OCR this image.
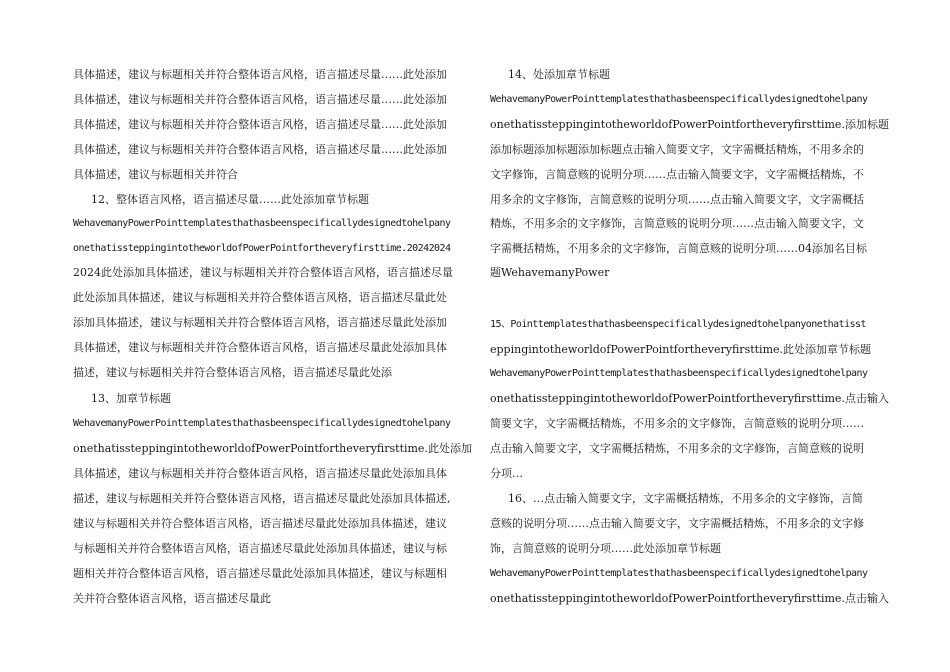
具体描述，建议与标题相关并符合整体语言风格，语言描述尽量……此处添加
具体描述，建议与标题相关并符合整体语言风格，语言描述尽量……此处添加
具体描述，建议与标题相关并符合整体语言风格，语言描述尽量……此处添加
具体描述，建议与标题相关并符合整体语言风格，语言描述尽量……此处添加
具体描述，建议与标题相关并符合
12、整体语言风格，语言描述尽量……此处添加章节标题
WehavemanyPowerPointtemplatesthathasbeenspecificallydesignedtohelpany
onethatissteppingintotheworldofPowerPointfortheveryfirsttime.20242024
2024此处添加具体描述，建议与标题相关并符合整体语言风格，语言描述尽量
此处添加具体描述，建议与标题相关并符合整体语言风格，语言描述尽量此处
添加具体描述，建议与标题相关并符合整体语言风格，语言描述尽量此处添加
具体描述，建议与标题相关并符合整体语言风格，语言描述尽量此处添加具体
描述，建议与标题相关并符合整体语言风格，语言描述尽量此处添
13、加章节标题
WehavemanyPowerPointtemplatesthathasbeenspecificallydesignedtohelpany
onethatissteppingintotheworldofPowerPointfortheveryfirsttime.此处添加
具体描述，建议与标题相关并符合整体语言风格，语言描述尽量此处添加具体
描述，建议与标题相关并符合整体语言风格，语言描述尽量此处添加具体描述,
建议与标题相关并符合整体语言风格，语言描述尽量此处添加具体描述，建议
与标题相关并符合整体语言风格，语言描述尽量此处添加具体描述，建议与标
题相关并符合整体语言风格，语言描述尽量此处添加具体描述，建议与标题相
关并符合整体语言风格，语言描述尽量此
14、处添加章节标题
WehavemanyPowerPointtemplatesthathasbeenspecificallydesignedtohelpany
onethatissteppingintotheworldofPowerPointfortheveryfirsttime.添加标题
添加标题添加标题添加标题点击输入简要文字，文字需概括精炼，不用多余的
文字修饰，言简意赅的说明分项……点击输入简要文字，文字需概括精炼，不
用多余的文字修饰，言简意赅的说明分项……点击输入简要文字，文字需概括
精炼，不用多余的文字修饰，言简意赅的说明分项……点击输入简要文字，文
字需概括精炼，不用多余的文字修饰，言简意赅的说明分项……04添加名目标
题WehavemanyPower
15、Pointtemplatesthathasbeenspecificallydesignedtohelpanyonethatisst
eppingintotheworldofPowerPointfortheveryfirsttime.此处添加章节标题
WehavemanyPowerPointtemplatesthathasbeenspecificallydesignedtohelpany
onethatissteppingintotheworldofPowerPointfortheveryfirsttime.点击输入
简要文字，文字需概括精炼，不用多余的文字修饰，言简意赅的说明分项……
点击输入简要文字，文字需概括精炼，不用多余的文字修饰，言简意赅的说明
分项…
16、…点击输入简要文字，文字需概括精炼，不用多余的文字修饰，言简
意赅的说明分项……点击输入简要文字，文字需概括精炼，不用多余的文字修
饰，言简意赅的说明分项……此处添加章节标题
WehavemanyPowerPointtemplatesthathasbeenspecificallydesignedtohelpany
onethatissteppingintotheworldofPowerPointfortheveryfirsttime.点击输入
